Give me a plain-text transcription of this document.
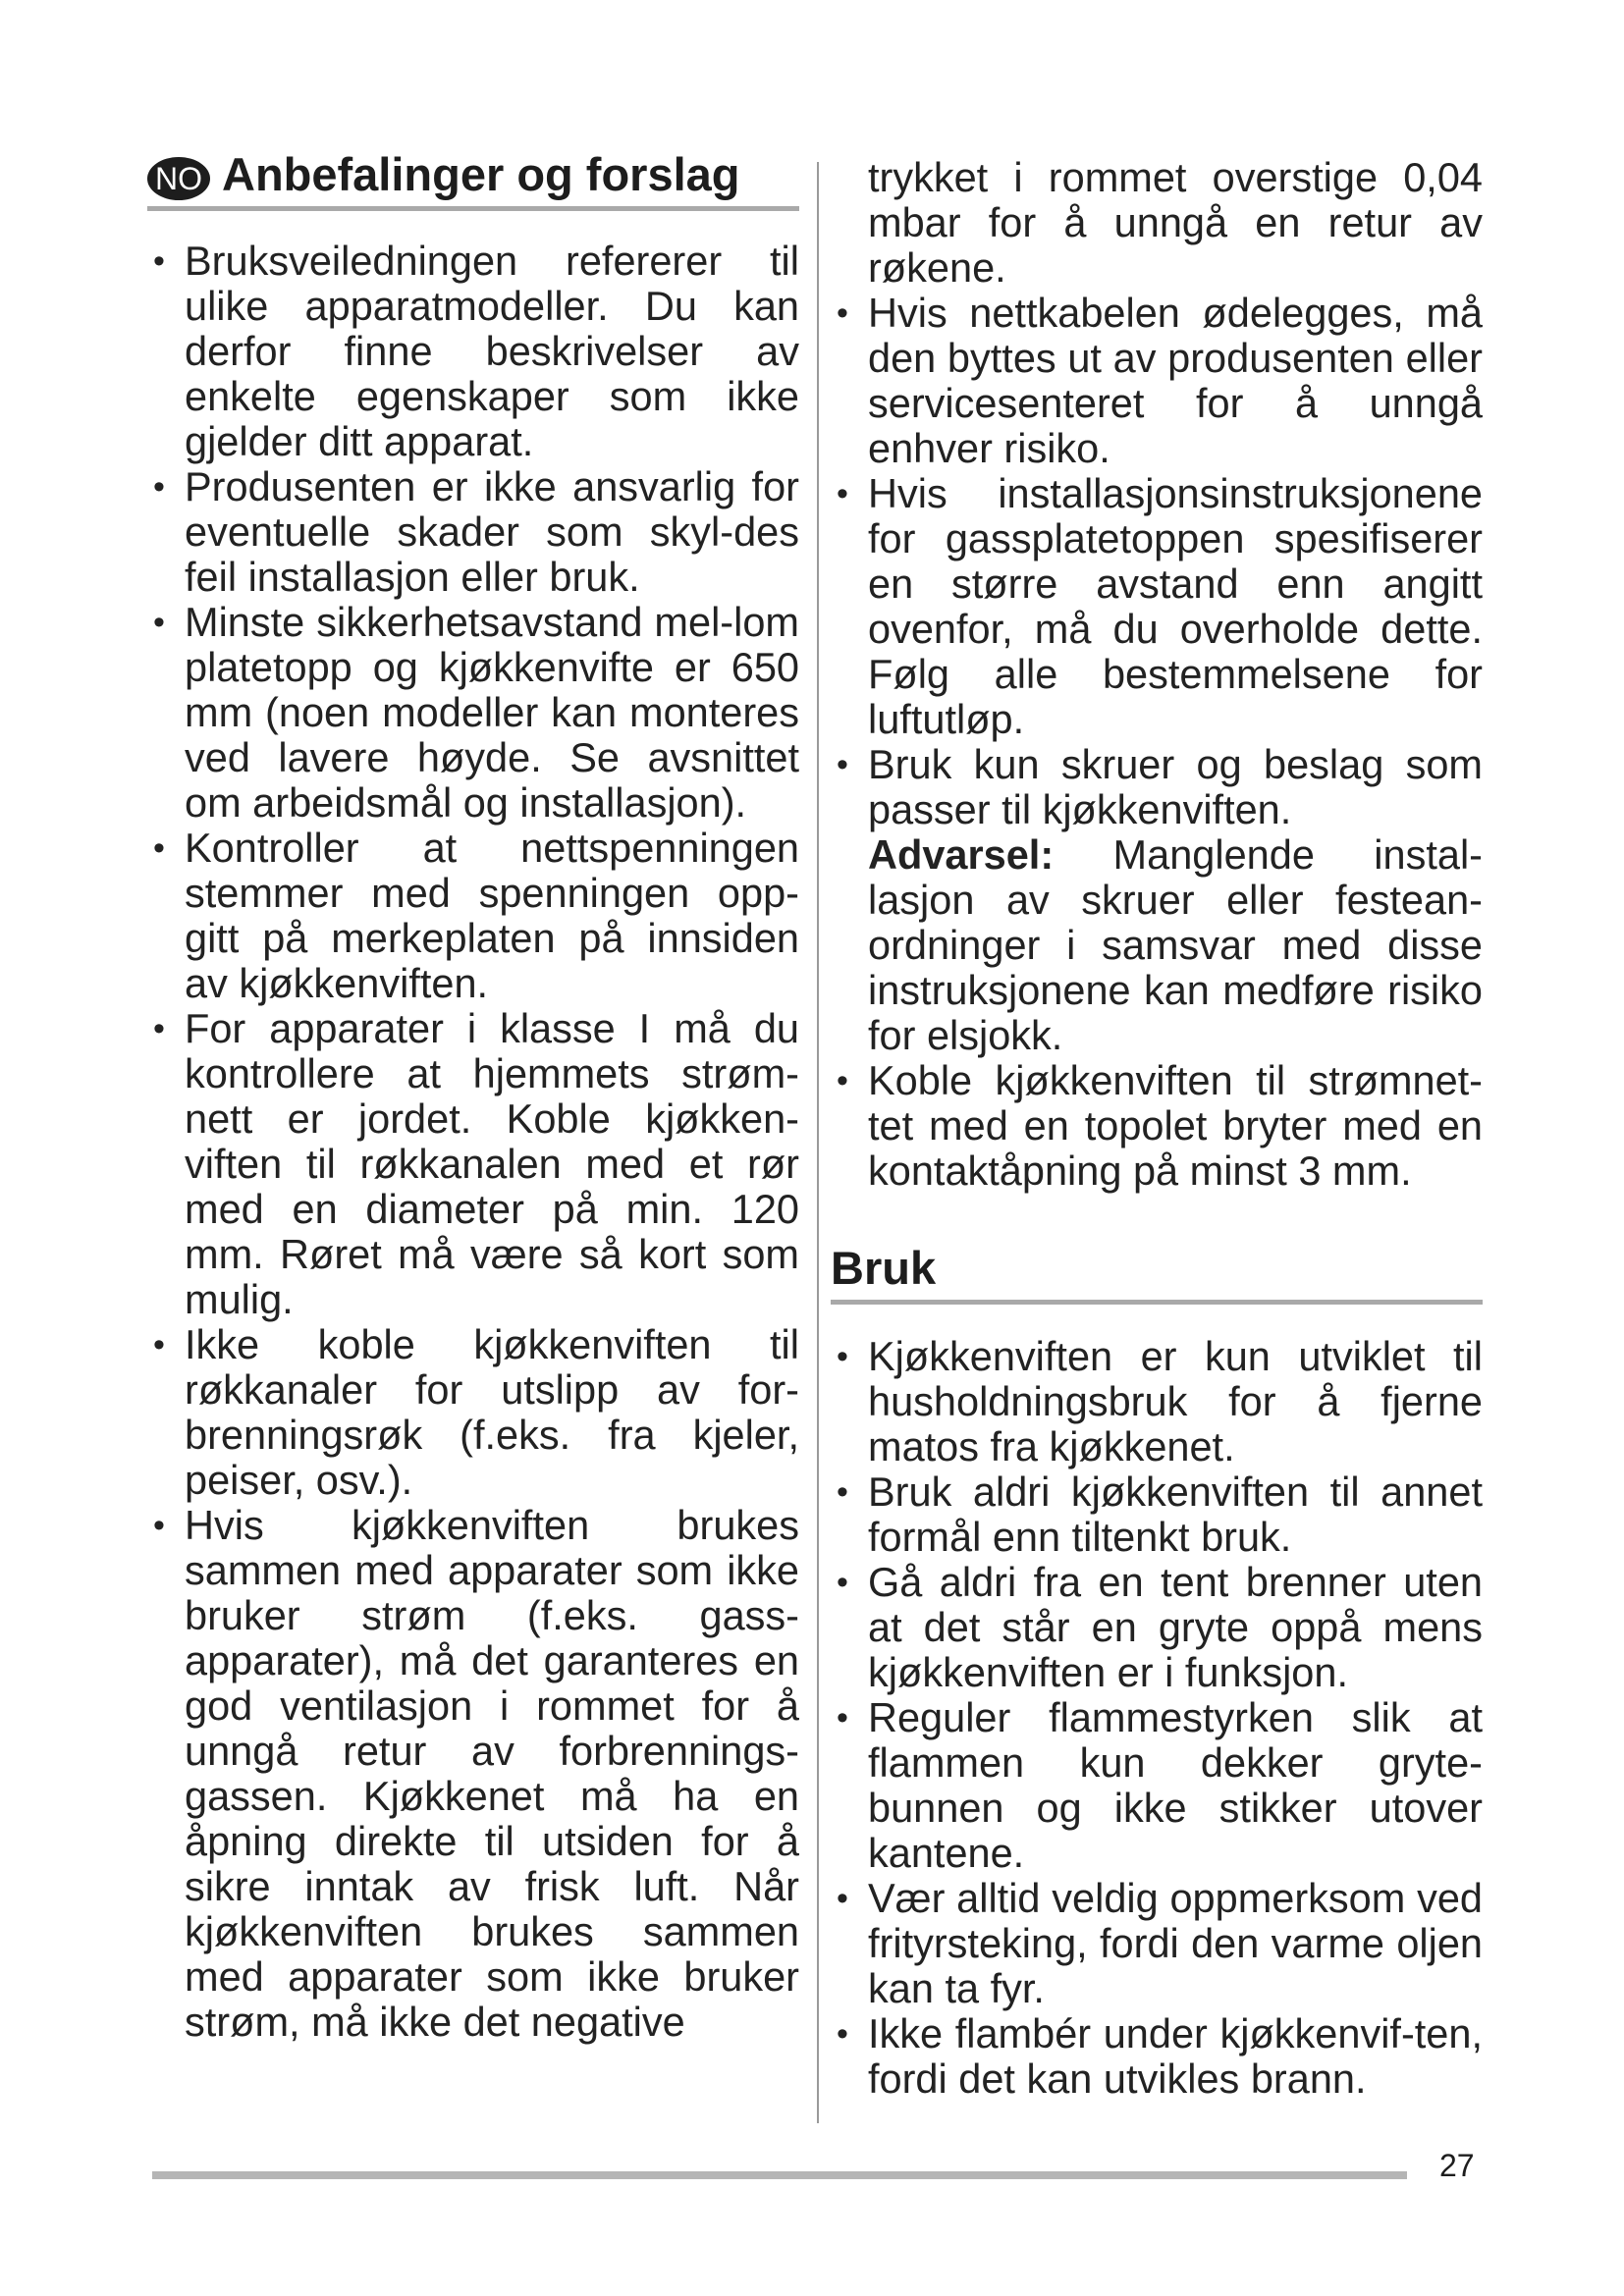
NO Anbefalinger og forslag
• Bruksveiledningen refererer til ulike apparatmodeller. Du kan derfor finne beskrivelser av enkelte egenskaper som ikke gjelder ditt apparat.
• Produsenten er ikke ansvarlig for eventuelle skader som skyl-des feil installasjon eller bruk.
• Minste sikkerhetsavstand mel-lom platetopp og kjøkkenvifte er 650 mm (noen modeller kan monteres ved lavere høyde. Se avsnittet om arbeidsmål og installasjon).
• Kontroller at nettspenningen stemmer med spenningen opp-gitt på merkeplaten på innsiden av kjøkkenviften.
• For apparater i klasse I må du kontrollere at hjemmets strøm-nett er jordet. Koble kjøkken-viften til røkkanalen med et rør med en diameter på min. 120 mm. Røret må være så kort som mulig.
• Ikke koble kjøkkenviften til røkkanaler for utslipp av for-brenningsrøk (f.eks. fra kjeler, peiser, osv.).
• Hvis kjøkkenviften brukes sammen med apparater som ikke bruker strøm (f.eks. gass-apparater), må det garanteres en god ventilasjon i rommet for å unngå retur av forbrennings-gassen. Kjøkkenet må ha en åpning direkte til utsiden for å sikre inntak av frisk luft. Når kjøkkenviften brukes sammen med apparater som ikke bruker strøm, må ikke det negative
trykket i rommet overstige 0,04 mbar for å unngå en retur av røkene.
• Hvis nettkabelen ødelegges, må den byttes ut av produsenten eller servicesenteret for å unngå enhver risiko.
• Hvis installasjonsinstruksjonene for gassplatetoppen spesifiserer en større avstand enn angitt ovenfor, må du overholde dette. Følg alle bestemmelsene for luftutløp.
• Bruk kun skruer og beslag som passer til kjøkkenviften.
Advarsel: Manglende instal-lasjon av skruer eller festean-ordninger i samsvar med disse instruksjonene kan medføre risiko for elsjokk.
• Koble kjøkkenviften til strømnet-tet med en topolet bryter med en kontaktåpning på minst 3 mm.
Bruk
• Kjøkkenviften er kun utviklet til husholdningsbruk for å fjerne matos fra kjøkkenet.
• Bruk aldri kjøkkenviften til annet formål enn tiltenkt bruk.
• Gå aldri fra en tent brenner uten at det står en gryte oppå mens kjøkkenviften er i funksjon.
• Reguler flammestyrken slik at flammen kun dekker gryte-bunnen og ikke stikker utover kantene.
• Vær alltid veldig oppmerksom ved frityrsteking, fordi den varme oljen kan ta fyr.
• Ikke flambér under kjøkkenvif-ten, fordi det kan utvikles brann.
27
